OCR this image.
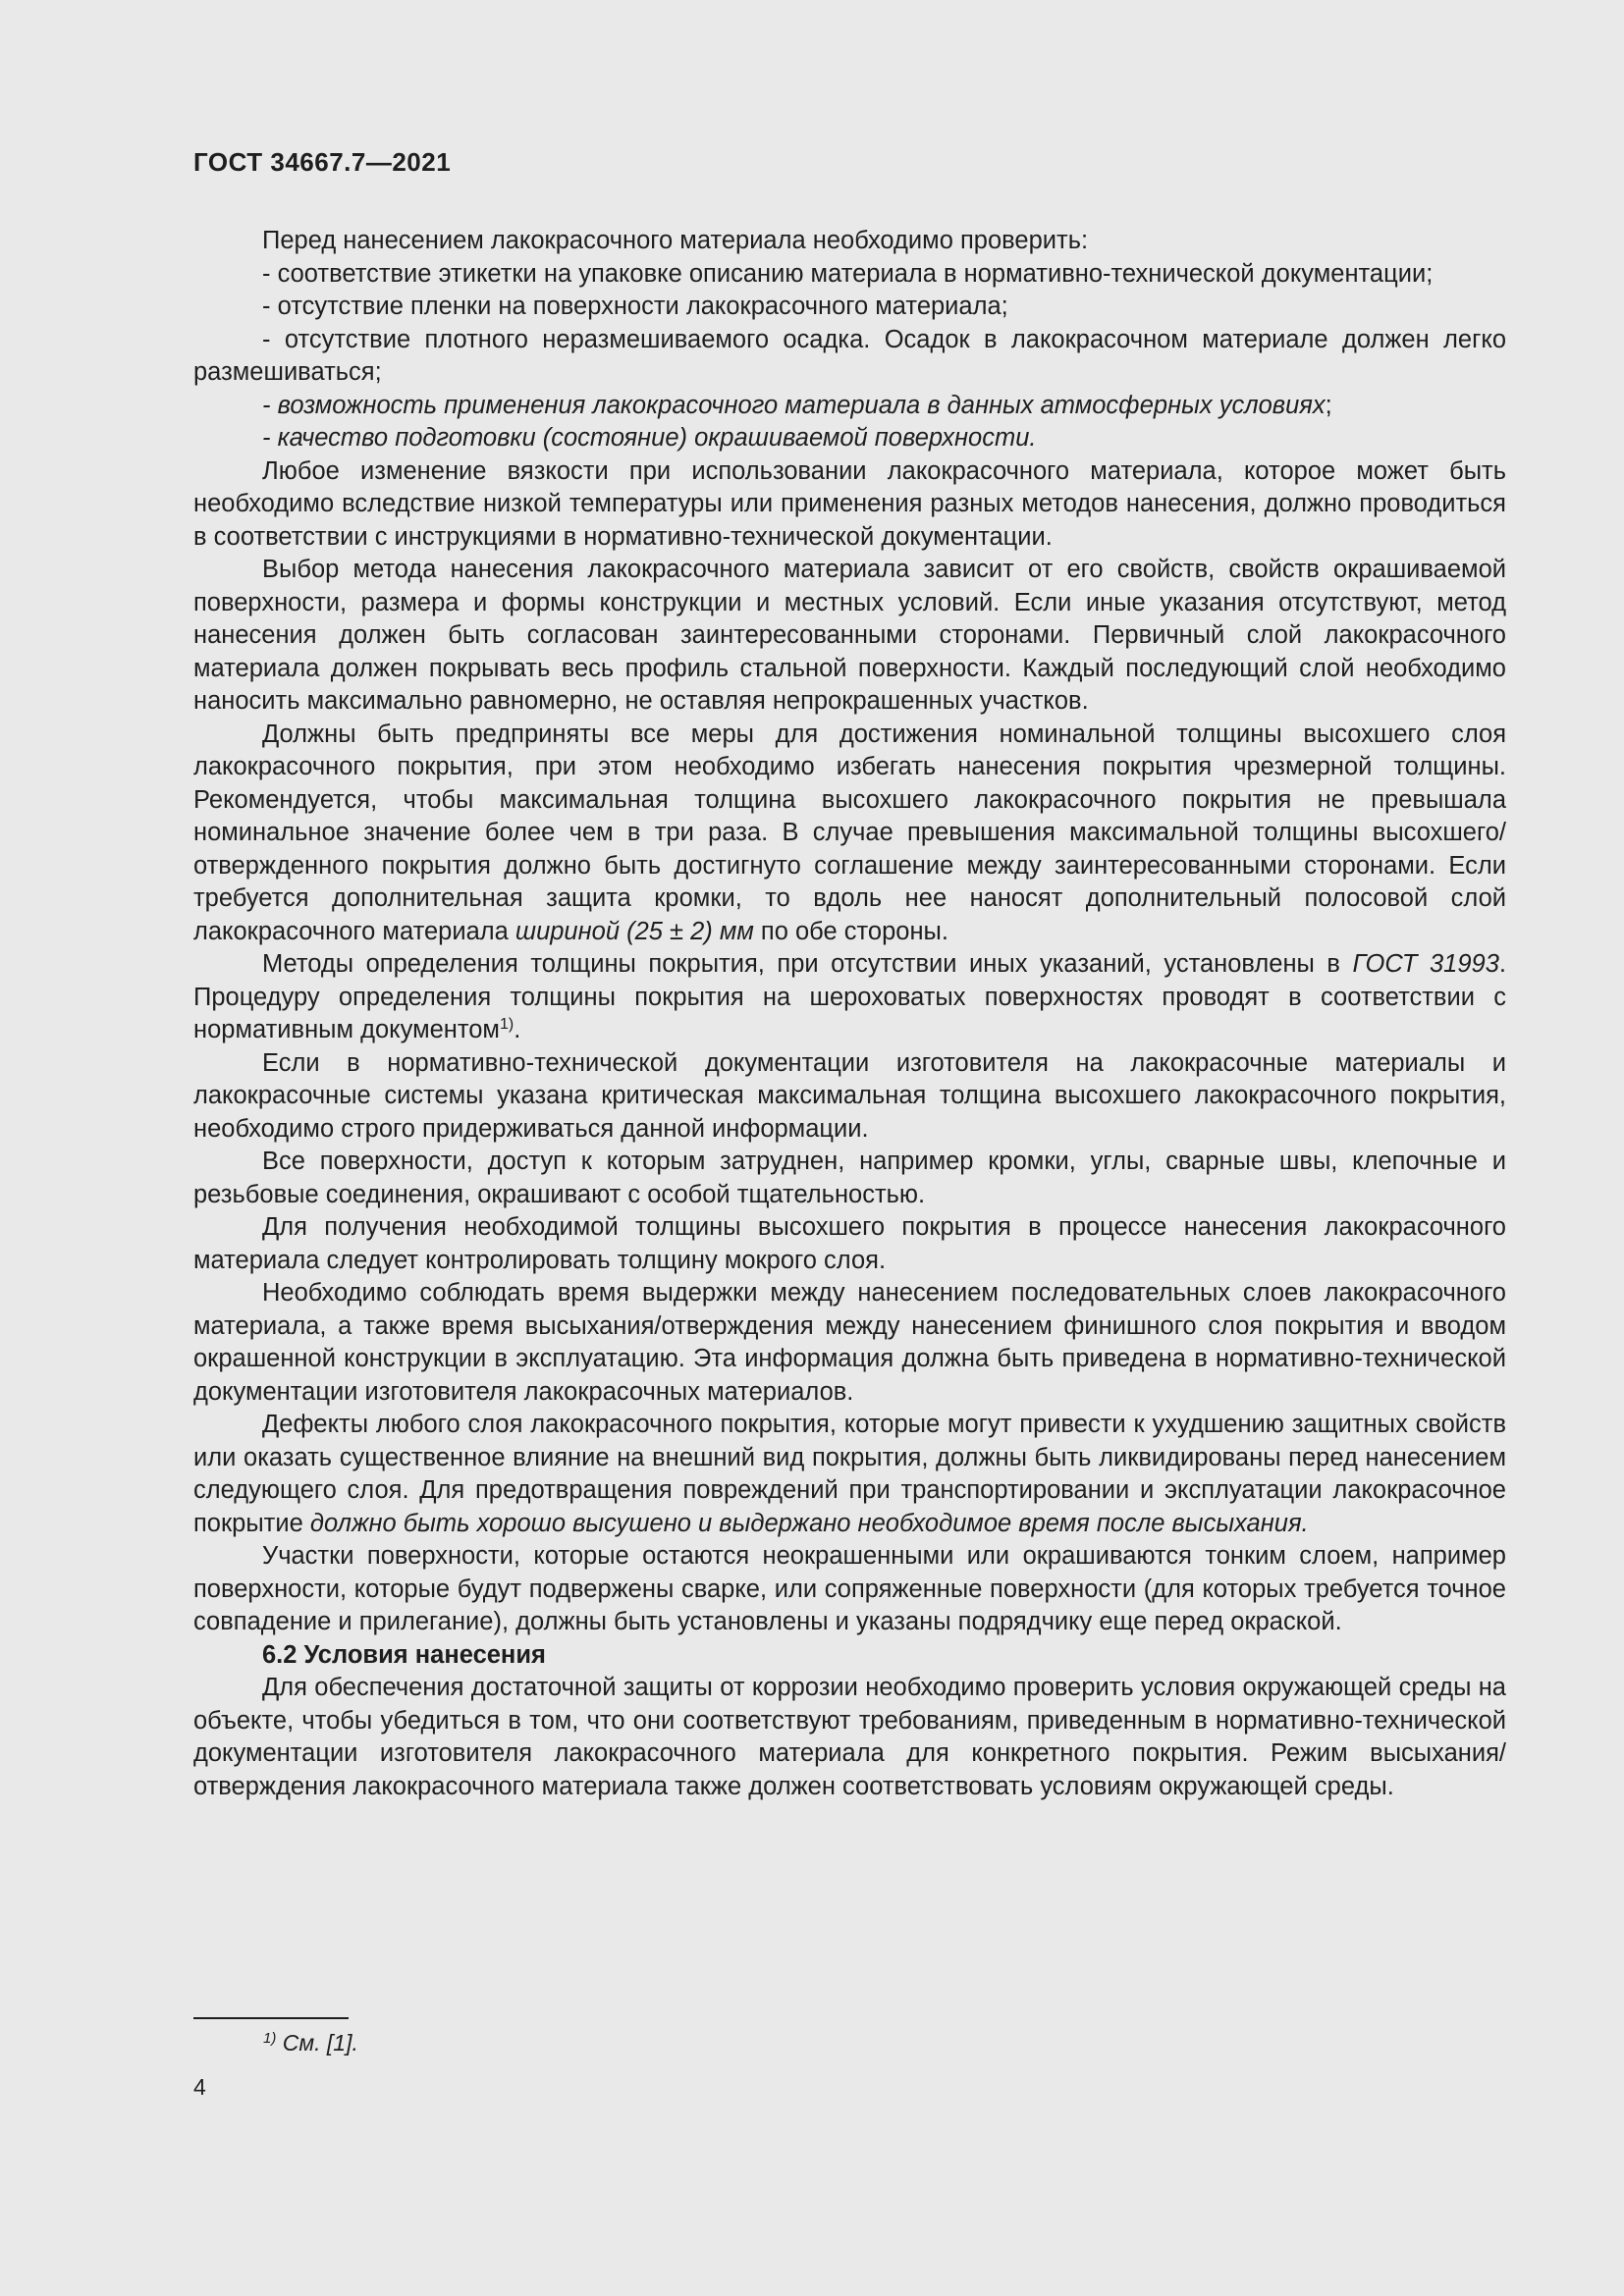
ГОСТ 34667.7—2021

Перед нанесением лакокрасочного материала необходимо проверить:

- соответствие этикетки на упаковке описанию материала в нормативно-технической документации;

- отсутствие пленки на поверхности лакокрасочного материала;

- отсутствие плотного неразмешиваемого осадка. Осадок в лакокрасочном материале должен легко размешиваться;

- возможность применения лакокрасочного материала в данных атмосферных условиях;

- качество подготовки (состояние) окрашиваемой поверхности.

Любое изменение вязкости при использовании лакокрасочного материала, которое может быть необходимо вследствие низкой температуры или применения разных методов нанесения, должно проводиться в соответствии с инструкциями в нормативно-технической документации.

Выбор метода нанесения лакокрасочного материала зависит от его свойств, свойств окрашиваемой поверхности, размера и формы конструкции и местных условий. Если иные указания отсутствуют, метод нанесения должен быть согласован заинтересованными сторонами. Первичный слой лакокрасочного материала должен покрывать весь профиль стальной поверхности. Каждый последующий слой необходимо наносить максимально равномерно, не оставляя непрокрашенных участков.

Должны быть предприняты все меры для достижения номинальной толщины высохшего слоя лакокрасочного покрытия, при этом необходимо избегать нанесения покрытия чрезмерной толщины. Рекомендуется, чтобы максимальная толщина высохшего лакокрасочного покрытия не превышала номинальное значение более чем в три раза. В случае превышения максимальной толщины высохшего/отвержденного покрытия должно быть достигнуто соглашение между заинтересованными сторонами. Если требуется дополнительная защита кромки, то вдоль нее наносят дополнительный полосовой слой лакокрасочного материала шириной (25 ± 2) мм по обе стороны.

Методы определения толщины покрытия, при отсутствии иных указаний, установлены в ГОСТ 31993. Процедуру определения толщины покрытия на шероховатых поверхностях проводят в соответствии с нормативным документом$^{1)}$.

Если в нормативно-технической документации изготовителя на лакокрасочные материалы и лакокрасочные системы указана критическая максимальная толщина высохшего лакокрасочного покрытия, необходимо строго придерживаться данной информации.

Все поверхности, доступ к которым затруднен, например кромки, углы, сварные швы, клепочные и резьбовые соединения, окрашивают с особой тщательностью.

Для получения необходимой толщины высохшего покрытия в процессе нанесения лакокрасочного материала следует контролировать толщину мокрого слоя.

Необходимо соблюдать время выдержки между нанесением последовательных слоев лакокрасочного материала, а также время высыхания/отверждения между нанесением финишного слоя покрытия и вводом окрашенной конструкции в эксплуатацию. Эта информация должна быть приведена в нормативно-технической документации изготовителя лакокрасочных материалов.

Дефекты любого слоя лакокрасочного покрытия, которые могут привести к ухудшению защитных свойств или оказать существенное влияние на внешний вид покрытия, должны быть ликвидированы перед нанесением следующего слоя. Для предотвращения повреждений при транспортировании и эксплуатации лакокрасочное покрытие должно быть хорошо высушено и выдержано необходимое время после высыхания.

Участки поверхности, которые остаются неокрашенными или окрашиваются тонким слоем, например поверхности, которые будут подвержены сварке, или сопряженные поверхности (для которых требуется точное совпадение и прилегание), должны быть установлены и указаны подрядчику еще перед окраской.

6.2 Условия нанесения

Для обеспечения достаточной защиты от коррозии необходимо проверить условия окружающей среды на объекте, чтобы убедиться в том, что они соответствуют требованиям, приведенным в нормативно-технической документации изготовителя лакокрасочного материала для конкретного покрытия. Режим высыхания/отверждения лакокрасочного материала также должен соответствовать условиям окружающей среды.

$^{1)}$ См. [1].
4
